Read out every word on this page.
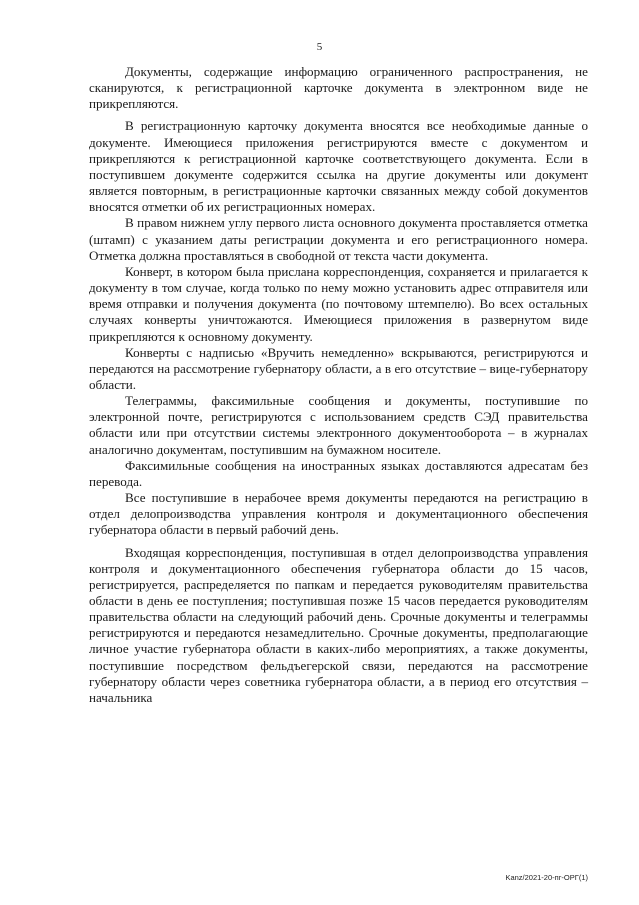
5

Документы, содержащие информацию ограниченного распространения, не сканируются, к регистрационной карточке документа в электронном виде не прикрепляются.

В регистрационную карточку документа вносятся все необходимые данные о документе. Имеющиеся приложения регистрируются вместе с документом и прикрепляются к регистрационной карточке соответствующего документа. Если в поступившем документе содержится ссылка на другие документы или документ является повторным, в регистрационные карточки связанных между собой документов вносятся отметки об их регистрационных номерах.

В правом нижнем углу первого листа основного документа проставляется отметка (штамп) с указанием даты регистрации документа и его регистрационного номера. Отметка должна проставляться в свободной от текста части документа.

Конверт, в котором была прислана корреспонденция, сохраняется и прилагается к документу в том случае, когда только по нему можно установить адрес отправителя или время отправки и получения документа (по почтовому штемпелю). Во всех остальных случаях конверты уничтожаются. Имеющиеся приложения в развернутом виде прикрепляются к основному документу.

Конверты с надписью «Вручить немедленно» вскрываются, регистрируются и передаются на рассмотрение губернатору области, а в его отсутствие – вице-губернатору области.

Телеграммы, факсимильные сообщения и документы, поступившие по электронной почте, регистрируются с использованием средств СЭД правительства области или при отсутствии системы электронного документооборота – в журналах аналогично документам, поступившим на бумажном носителе.

Факсимильные сообщения на иностранных языках доставляются адресатам без перевода.

Все поступившие в нерабочее время документы передаются на регистрацию в отдел делопроизводства управления контроля и документационного обеспечения губернатора области в первый рабочий день.

Входящая корреспонденция, поступившая в отдел делопроизводства управления контроля и документационного обеспечения губернатора области до 15 часов, регистрируется, распределяется по папкам и передается руководителям правительства области в день ее поступления; поступившая позже 15 часов передается руководителям правительства области на следующий рабочий день. Срочные документы и телеграммы регистрируются и передаются незамедлительно. Срочные документы, предполагающие личное участие губернатора области в каких-либо мероприятиях, а также документы, поступившие посредством фельдъегерской связи, передаются на рассмотрение губернатору области через советника губернатора области, а в период его отсутствия – начальника

Kanz/2021-20-пг-ОРГ(1)
